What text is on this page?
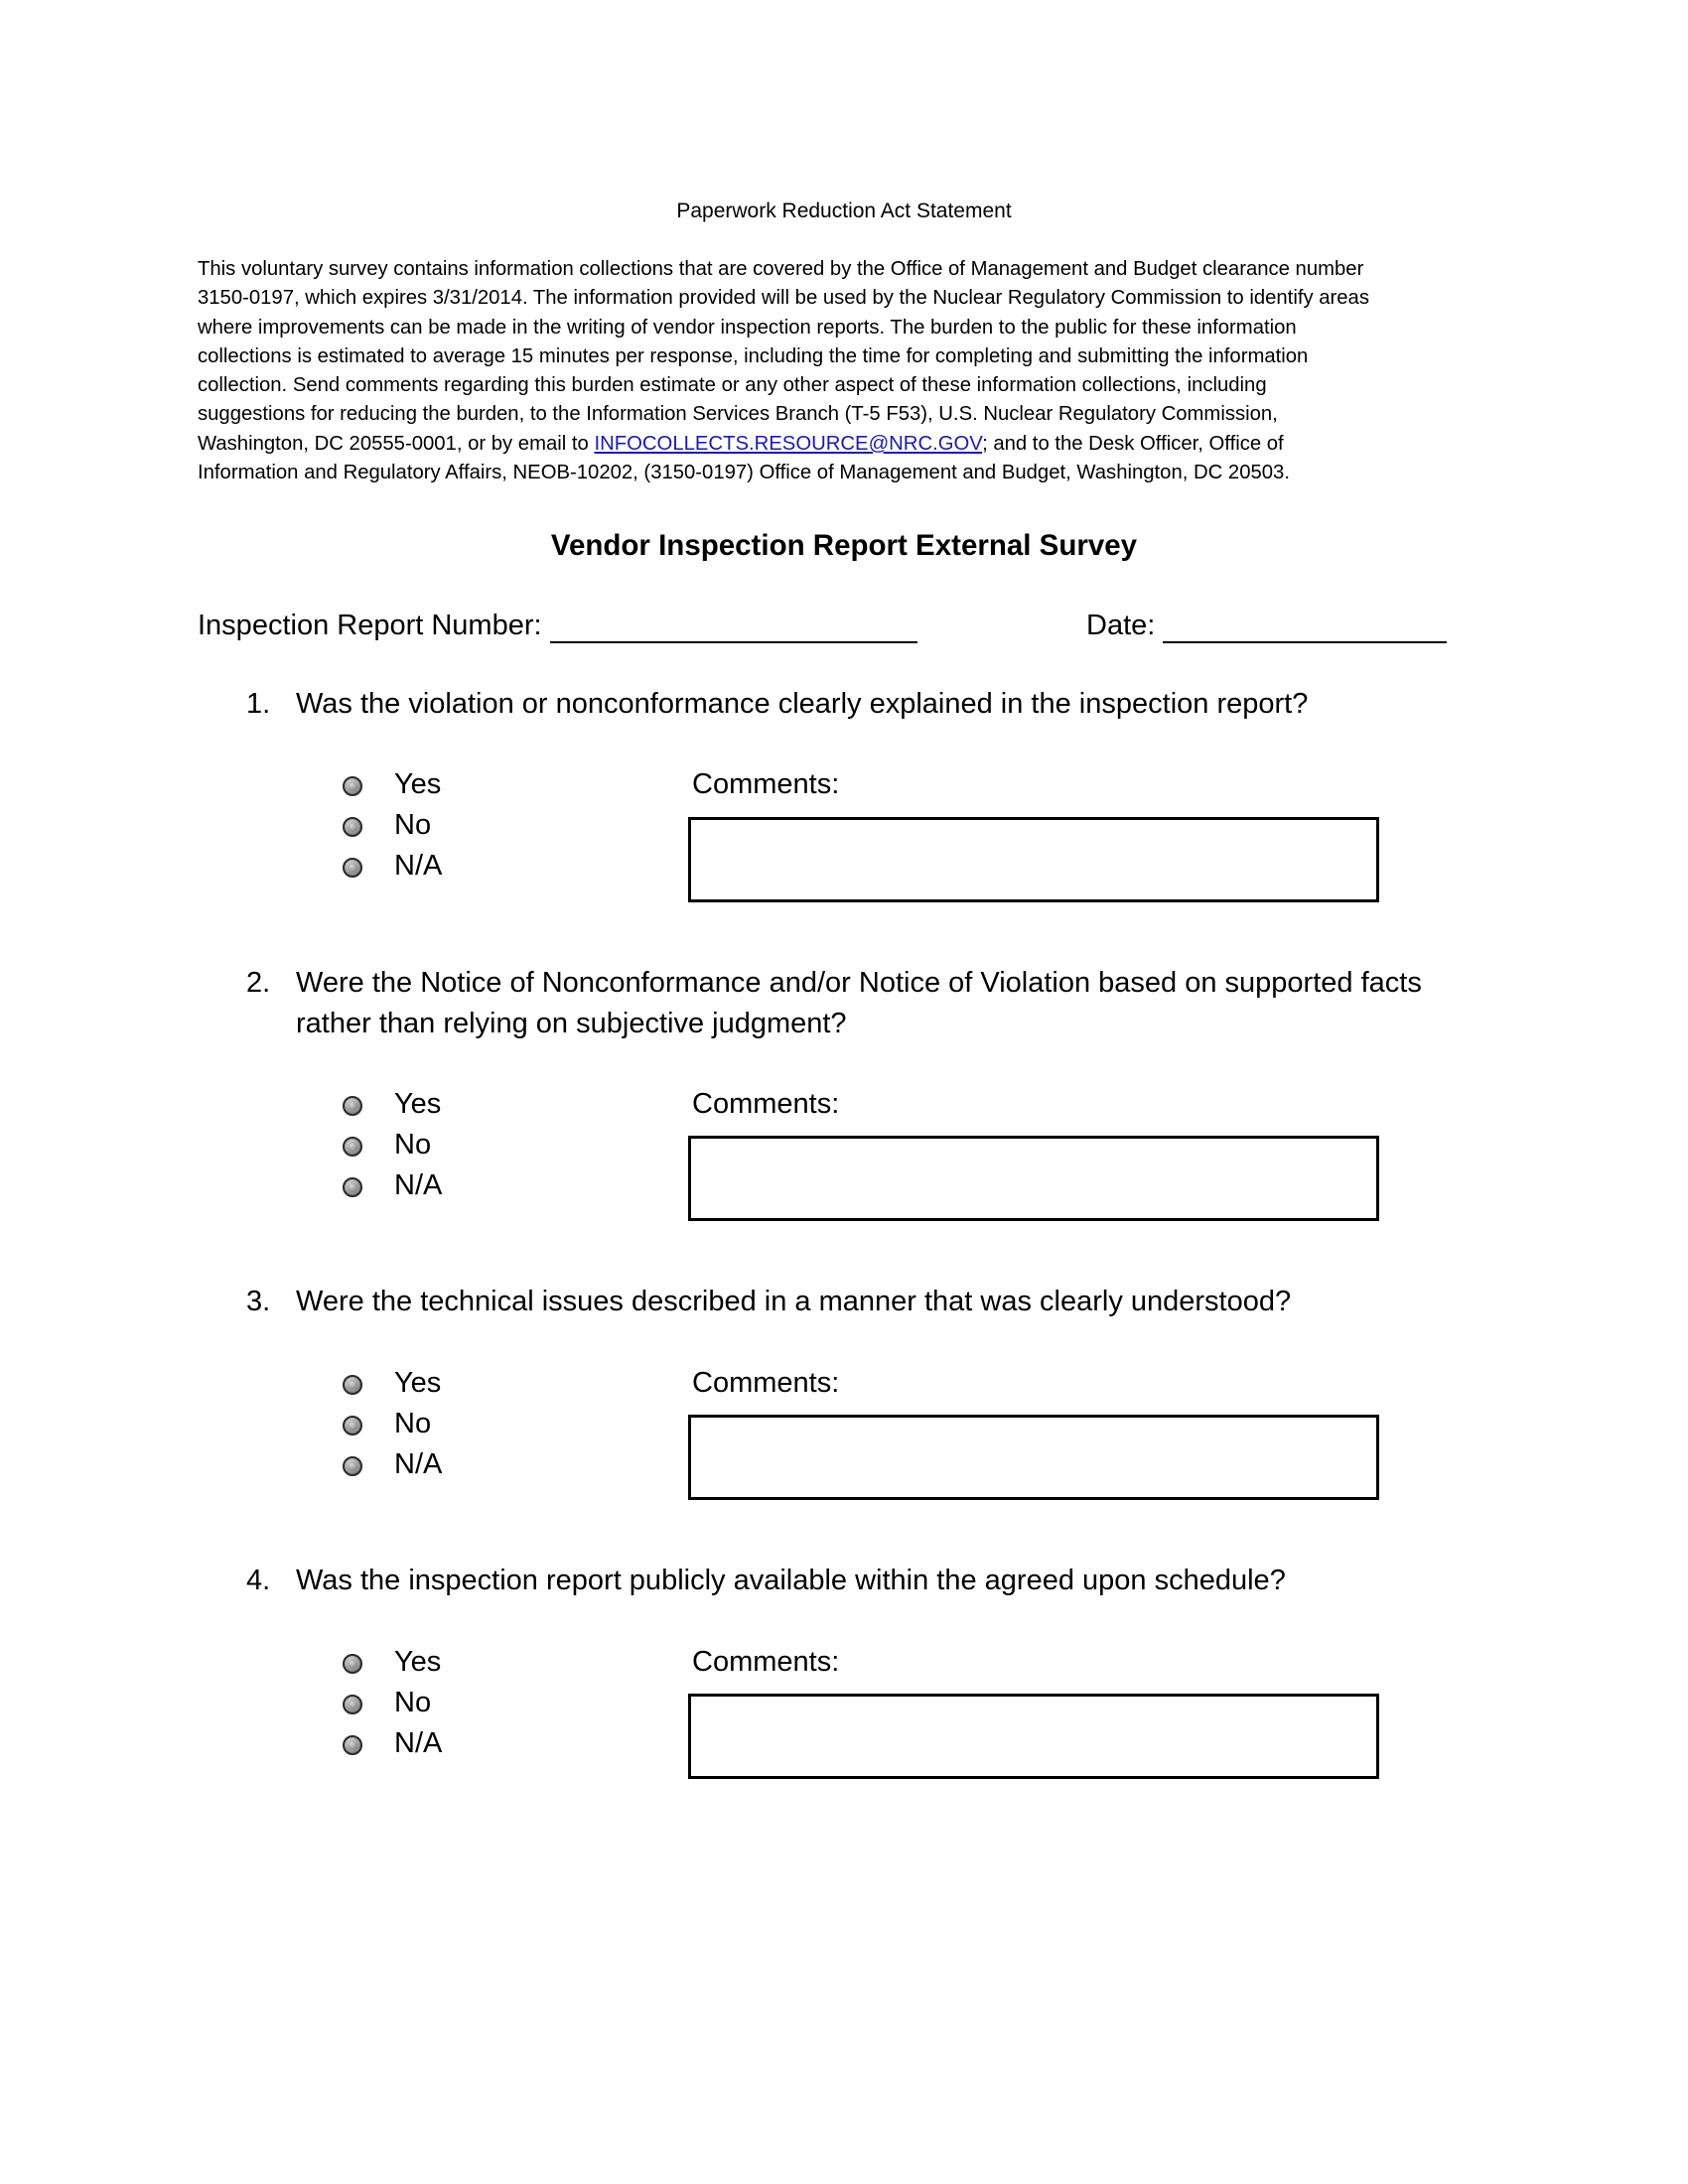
Paperwork Reduction Act Statement
This voluntary survey contains information collections that are covered by the Office of Management and Budget clearance number
3150-0197, which expires 3/31/2014. The information provided will be used by the Nuclear Regulatory Commission to identify areas
where improvements can be made in the writing of vendor inspection reports. The burden to the public for these information
collections is estimated to average 15 minutes per response, including the time for completing and submitting the information
collection. Send comments regarding this burden estimate or any other aspect of these information collections, including
suggestions for reducing the burden, to the Information Services Branch (T-5 F53), U.S. Nuclear Regulatory Commission,
Washington, DC 20555-0001, or by email to INFOCOLLECTS.RESOURCE@NRC.GOV; and to the Desk Officer, Office of
Information and Regulatory Affairs, NEOB-10202, (3150-0197) Office of Management and Budget, Washington, DC 20503.
Vendor Inspection Report External Survey
Inspection Report Number:	Date:
1. Was the violation or nonconformance clearly explained in the inspection report?
Yes
No
N/A
Comments:
2. Were the Notice of Nonconformance and/or Notice of Violation based on supported facts rather than relying on subjective judgment?
Yes
No
N/A
Comments:
3. Were the technical issues described in a manner that was clearly understood?
Yes
No
N/A
Comments:
4. Was the inspection report publicly available within the agreed upon schedule?
Yes
No
N/A
Comments:
